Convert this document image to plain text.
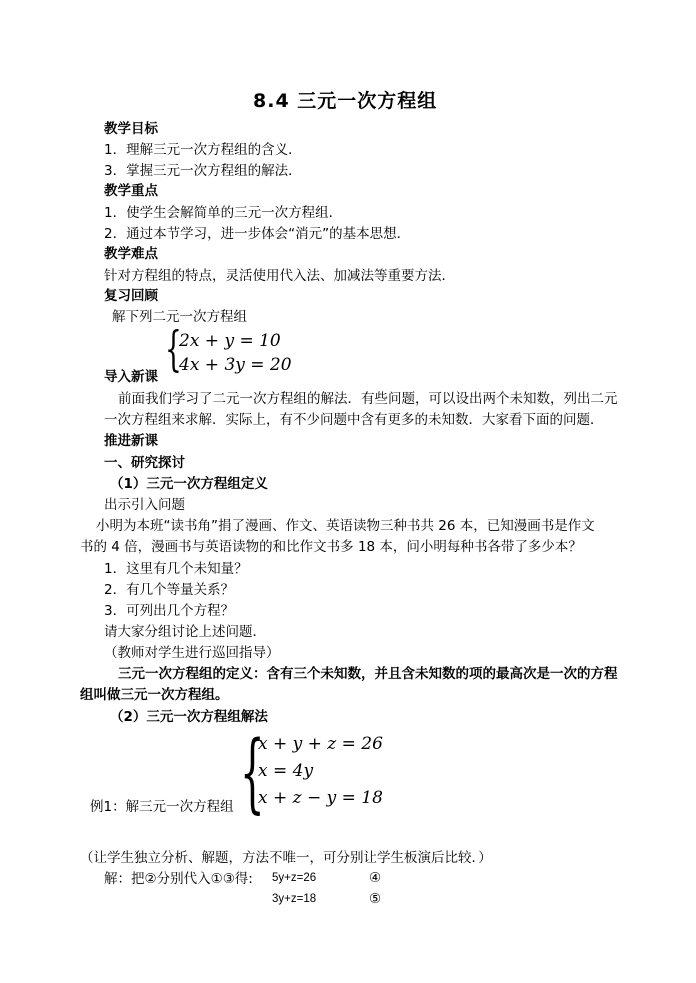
8.4 三元一次方程组
教学目标
1．理解三元一次方程组的含义．
3．掌握三元一次方程组的解法．
教学重点
1．使学生会解简单的三元一次方程组．
2．通过本节学习，进一步体会“消元”的基本思想．
教学难点
针对方程组的特点，灵活使用代入法、加减法等重要方法．
复习回顾
解下列二元一次方程组
{
2x + y = 10
4x + 3y = 20
导入新课
前面我们学习了二元一次方程组的解法．有些问题，可以设出两个未知数，列出二元
一次方程组来求解．实际上，有不少问题中含有更多的未知数．大家看下面的问题．
推进新课
一、研究探讨
（1）三元一次方程组定义
出示引入问题
小明为本班“读书角”捐了漫画、作文、英语读物三种书共 26 本，已知漫画书是作文
书的 4 倍，漫画书与英语读物的和比作文书多 18 本，问小明每种书各带了多少本？
1．这里有几个未知量？
2．有几个等量关系？
3．可列出几个方程？
请大家分组讨论上述问题．
（教师对学生进行巡回指导）
三元一次方程组的定义：含有三个未知数，并且含未知数的项的最高次是一次的方程
组叫做三元一次方程组。
（2）三元一次方程组解法
{
x + y + z = 26
x = 4y
x + z − y = 18
例1：解三元一次方程组
（让学生独立分析、解题，方法不唯一，可分别让学生板演后比较．）
解：把②分别代入①③得: 5y+z=26	④
3y+z=18	⑤
